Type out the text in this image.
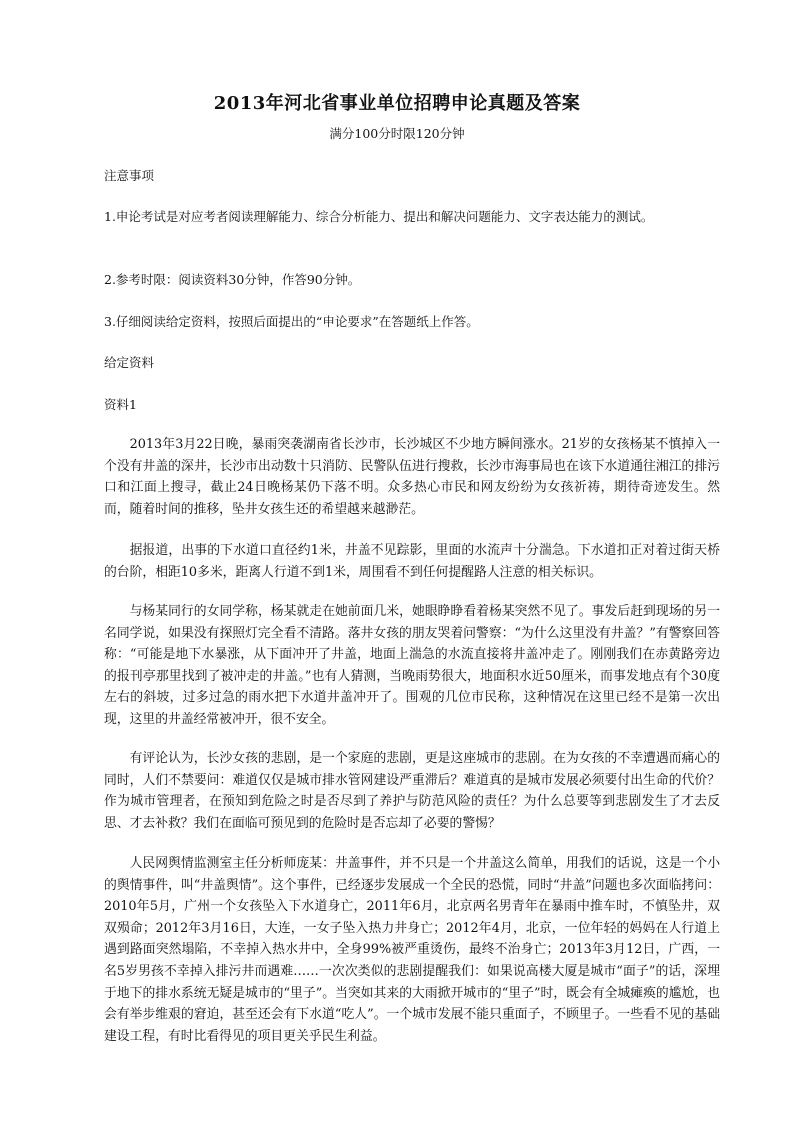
2013年河北省事业单位招聘申论真题及答案
满分100分时限120分钟
注意事项
1.申论考试是对应考者阅读理解能力、综合分析能力、提出和解决问题能力、文字表达能力的测试。
2.参考时限：阅读资料30分钟，作答90分钟。
3.仔细阅读给定资料，按照后面提出的“申论要求”在答题纸上作答。
给定资料
资料1
2013年3月22日晚，暴雨突袭湖南省长沙市，长沙城区不少地方瞬间涨水。21岁的女孩杨某不慎掉入一个没有井盖的深井，长沙市出动数十只消防、民警队伍进行搜救，长沙市海事局也在该下水道通往湘江的排污口和江面上搜寻，截止24日晚杨某仍下落不明。众多热心市民和网友纷纷为女孩祈祷，期待奇迹发生。然而，随着时间的推移，坠井女孩生还的希望越来越渺茫。
据报道，出事的下水道口直径约1米，井盖不见踪影，里面的水流声十分湍急。下水道扣正对着过街天桥的台阶，相距10多米，距离人行道不到1米，周围看不到任何提醒路人注意的相关标识。
与杨某同行的女同学称，杨某就走在她前面几米，她眼睁睁看着杨某突然不见了。事发后赶到现场的另一名同学说，如果没有探照灯完全看不清路。落井女孩的朋友哭着问警察：“为什么这里没有井盖？”有警察回答称：“可能是地下水暴涨，从下面冲开了井盖，地面上湍急的水流直接将井盖冲走了。刚刚我们在赤黄路旁边的报刊亭那里找到了被冲走的井盖。”也有人猜测，当晚雨势很大，地面积水近50厘米，而事发地点有个30度左右的斜坡，过多过急的雨水把下水道井盖冲开了。围观的几位市民称，这种情况在这里已经不是第一次出现，这里的井盖经常被冲开，很不安全。
有评论认为，长沙女孩的悲剧，是一个家庭的悲剧，更是这座城市的悲剧。在为女孩的不幸遭遇而痛心的同时，人们不禁要问：难道仅仅是城市排水管网建设严重滞后？难道真的是城市发展必须要付出生命的代价？作为城市管理者，在预知到危险之时是否尽到了养护与防范风险的责任？为什么总要等到悲剧发生了才去反思、才去补救？我们在面临可预见到的危险时是否忘却了必要的警惕？
人民网舆情监测室主任分析师庞某：井盖事件，并不只是一个井盖这么简单，用我们的话说，这是一个小的舆情事件，叫“井盖舆情”。这个事件，已经逐步发展成一个全民的恐慌，同时“井盖”问题也多次面临拷问：2010年5月，广州一个女孩坠入下水道身亡，2011年6月，北京两名男青年在暴雨中推车时，不慎坠井，双双殒命；2012年3月16日，大连，一女子坠入热力井身亡；2012年4月，北京，一位年轻的妈妈在人行道上遇到路面突然塌陷，不幸掉入热水井中，全身99%被严重烫伤，最终不治身亡；2013年3月12日，广西，一名5岁男孩不幸掉入排污井而遇难……一次次类似的悲剧提醒我们：如果说高楼大厦是城市“面子”的话，深埋于地下的排水系统无疑是城市的“里子”。当突如其来的大雨掀开城市的“里子”时，既会有全城瘫痪的尴尬，也会有举步维艰的窘迫，甚至还会有下水道“吃人”。一个城市发展不能只重面子，不顾里子。一些看不见的基础建设工程，有时比看得见的项目更关乎民生利益。
